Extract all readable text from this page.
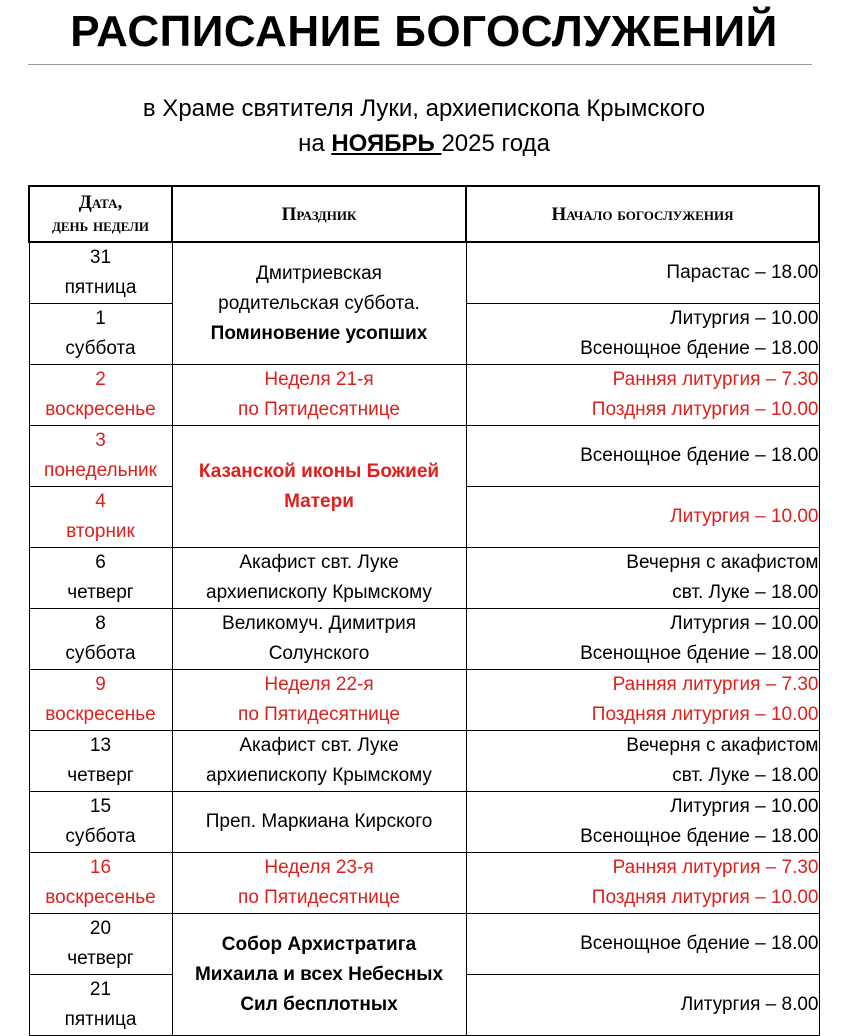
РАСПИСАНИЕ БОГОСЛУЖЕНИЙ
в Храме святителя Луки, архиепископа Крымского
на НОЯБРЬ 2025 года
Дата,
день недели	Праздник	Начало богослужения

31
пятница	Дмитриевская
родительская суббота.
Поминовение усопших	Парастас – 18.00

1
суббота		Литургия – 10.00
Всенощное бдение – 18.00

2
воскресенье	Неделя 21-я
по Пятидесятнице	Ранняя литургия – 7.30
Поздняя литургия – 10.00

3
понедельник	Казанской иконы Божией
Матери	Всенощное бдение – 18.00

4
вторник		Литургия – 10.00

6
четверг	Акафист свт. Луке
архиепископу Крымскому	Вечерня с акафистом
свт. Луке – 18.00

8
суббота	Великомуч. Димитрия
Солунского	Литургия – 10.00
Всенощное бдение – 18.00

9
воскресенье	Неделя 22-я
по Пятидесятнице	Ранняя литургия – 7.30
Поздняя литургия – 10.00

13
четверг	Акафист свт. Луке
архиепископу Крымскому	Вечерня с акафистом
свт. Луке – 18.00

15
суббота	Преп. Маркиана Кирского	Литургия – 10.00
Всенощное бдение – 18.00

16
воскресенье	Неделя 23-я
по Пятидесятнице	Ранняя литургия – 7.30
Поздняя литургия – 10.00

20
четверг	Собор Архистратига
Михаила и всех Небесных
Сил бесплотных	Всенощное бдение – 18.00

21
пятница		Литургия – 8.00
